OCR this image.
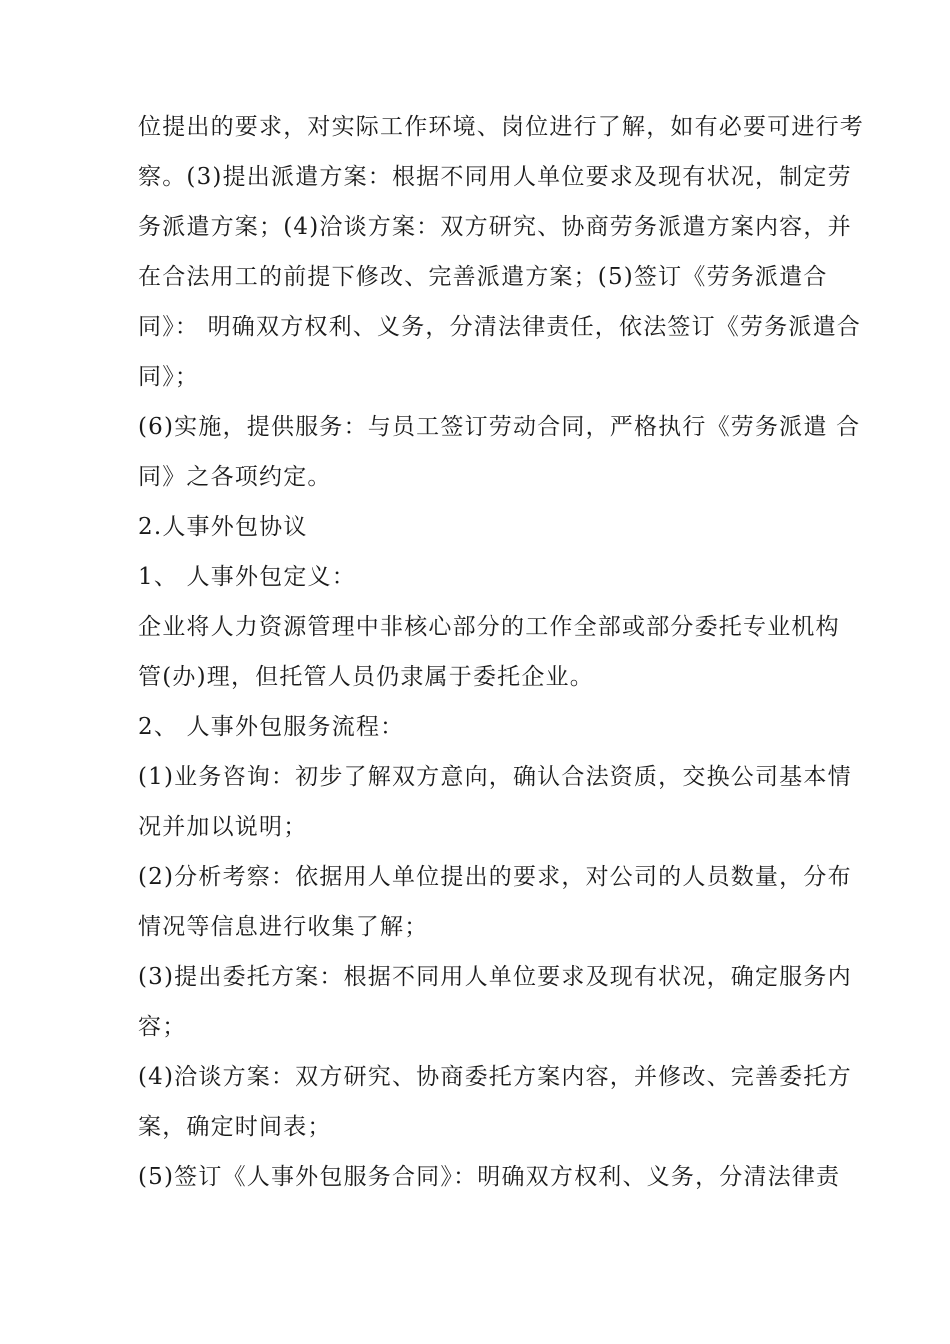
位提出的要求，对实际工作环境、岗位进行了解，如有必要可进行考
察。(3)提出派遣方案：根据不同用人单位要求及现有状况，制定劳
务派遣方案；(4)洽谈方案：双方研究、协商劳务派遣方案内容，并
在合法用工的前提下修改、完善派遣方案；(5)签订《劳务派遣合
同》： 明确双方权利、义务，分清法律责任，依法签订《劳务派遣合
同》；
(6)实施，提供服务：与员工签订劳动合同，严格执行《劳务派遣 合
同》之各项约定。
2.人事外包协议
1、 人事外包定义：
企业将人力资源管理中非核心部分的工作全部或部分委托专业机构
管(办)理，但托管人员仍隶属于委托企业。
2、 人事外包服务流程：
(1)业务咨询：初步了解双方意向，确认合法资质，交换公司基本情
况并加以说明；
(2)分析考察：依据用人单位提出的要求，对公司的人员数量，分布
情况等信息进行收集了解；
(3)提出委托方案：根据不同用人单位要求及现有状况，确定服务内
容；
(4)洽谈方案：双方研究、协商委托方案内容，并修改、完善委托方
案，确定时间表；
(5)签订《人事外包服务合同》：明确双方权利、义务，分清法律责
